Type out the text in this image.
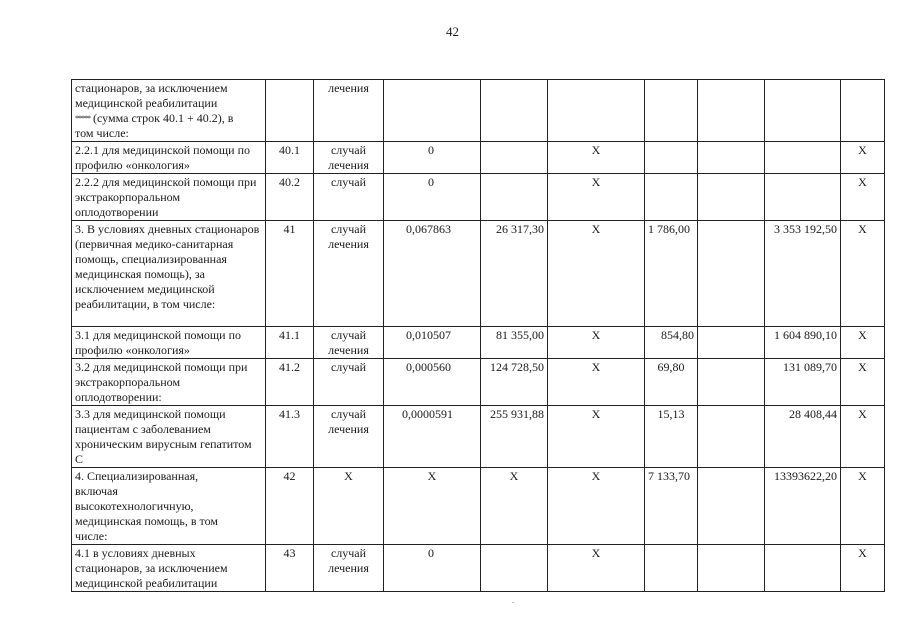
42
стационаров, за исключением
медицинской реабилитации
***** (сумма строк 40.1 + 40.2), в
том числе:		лечения							
2.2.1 для медицинской помощи по профилю «онкология»	40.1	случай лечения	0		Х				Х
2.2.2 для медицинской помощи при экстракорпоральном оплодотворении	40.2	случай	0		Х				Х
3. В условиях дневных стационаров (первичная медико-санитарная помощь, специализированная медицинская помощь), за исключением медицинской реабилитации, в том числе:	41	случай лечения	0,067863	26 317,30	Х	1 786,00		3 353 192,50	Х
3.1 для медицинской помощи по профилю «онкология»	41.1	случай лечения	0,010507	81 355,00	Х	854,80		1 604 890,10	Х
3.2 для медицинской помощи при экстракорпоральном оплодотворении:	41.2	случай	0,000560	124 728,50	Х	69,80		131 089,70	Х
3.3 для медицинской помощи пациентам с заболеванием хроническим вирусным гепатитом С	41.3	случай лечения	0,0000591	255 931,88	Х	15,13		28 408,44	Х
4. Специализированная, включая высокотехнологичную, медицинская помощь, в том числе:	42	Х	Х	Х	Х	7 133,70		13393622,20	Х
4.1 в условиях дневных стационаров, за исключением медицинской реабилитации	43	случай лечения	0		Х				Х
